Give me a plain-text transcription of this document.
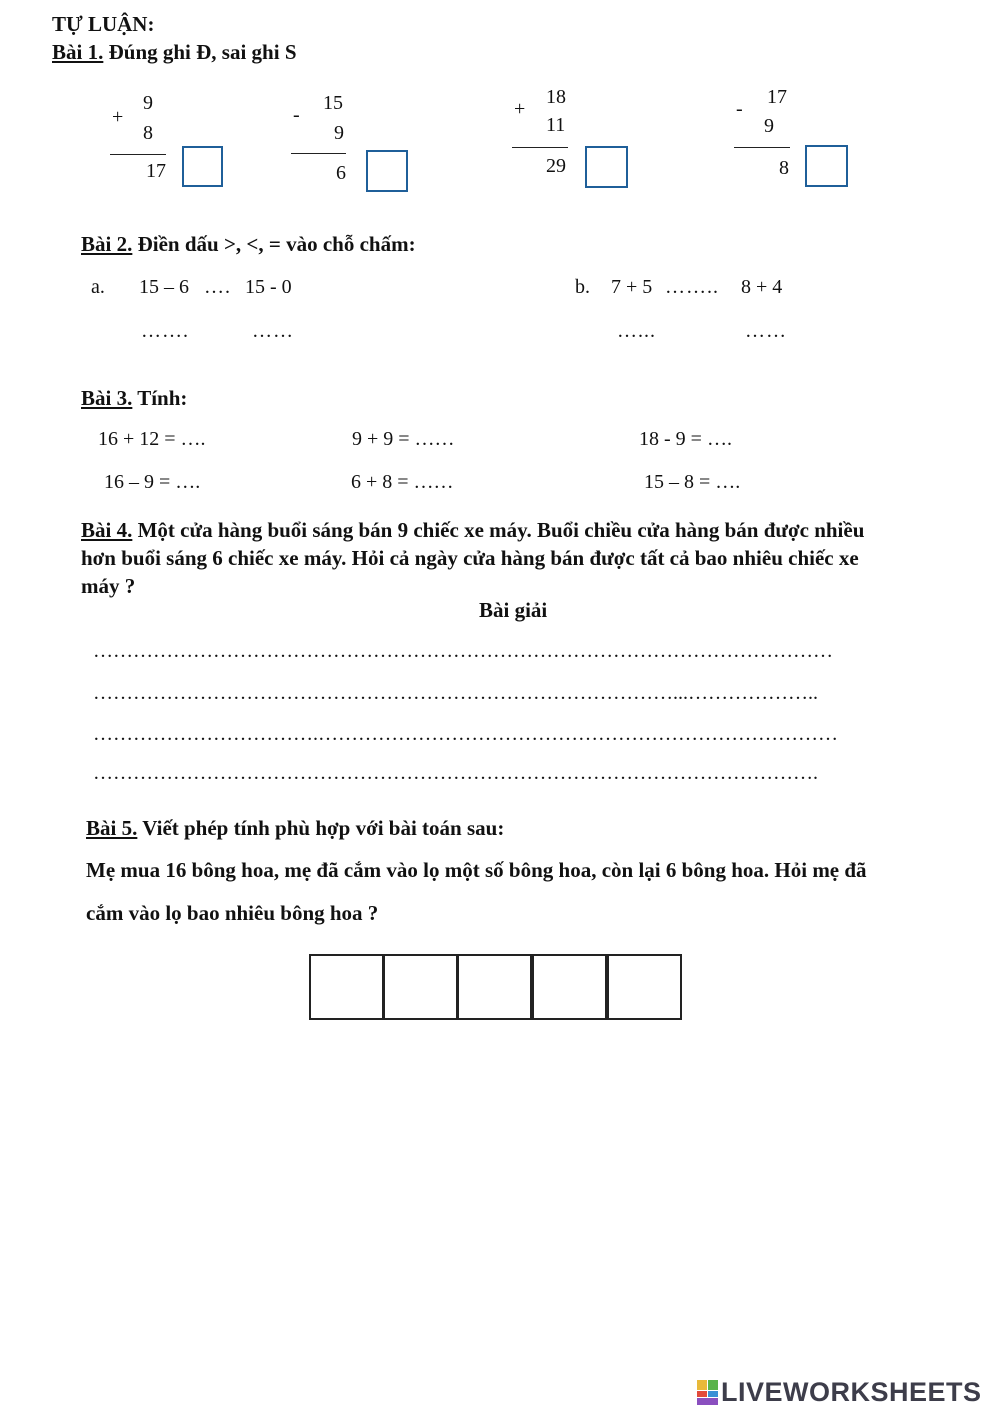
TỰ LUẬN:
Bài 1. Đúng ghi Đ, sai ghi S
+
9
8
17
-
15
9
6
+
18
11
29
-
17
9
8
Bài 2. Điền dấu >, <, = vào chỗ chấm:
a. 15 – 6 …. 15 - 0	b. 7 + 5 …….. 8 + 4
…….	……	…...	……
Bài 3. Tính:
16 + 12 = ….	9 + 9 = ……	18 - 9 = ….
16 – 9 = ….	6 + 8 = ……	15 – 8 = ….
Bài 4. Một cửa hàng buổi sáng bán 9 chiếc xe máy. Buổi chiều cửa hàng bán được nhiều
hơn buổi sáng 6 chiếc xe máy. Hỏi cả ngày cửa hàng bán được tất cả bao nhiêu chiếc xe
máy ?
Bài giải
…………………………………………………………………………………………………
……………………………………………………………………………...………………..
…………………………….……………………………………………………………………
……………………………………………………………………………………………….
Bài 5. Viết phép tính phù hợp với bài toán sau:
Mẹ mua 16 bông hoa, mẹ đã cắm vào lọ một số bông hoa, còn lại 6 bông hoa. Hỏi mẹ đã
cắm vào lọ bao nhiêu bông hoa ?
LIVEWORKSHEETS
